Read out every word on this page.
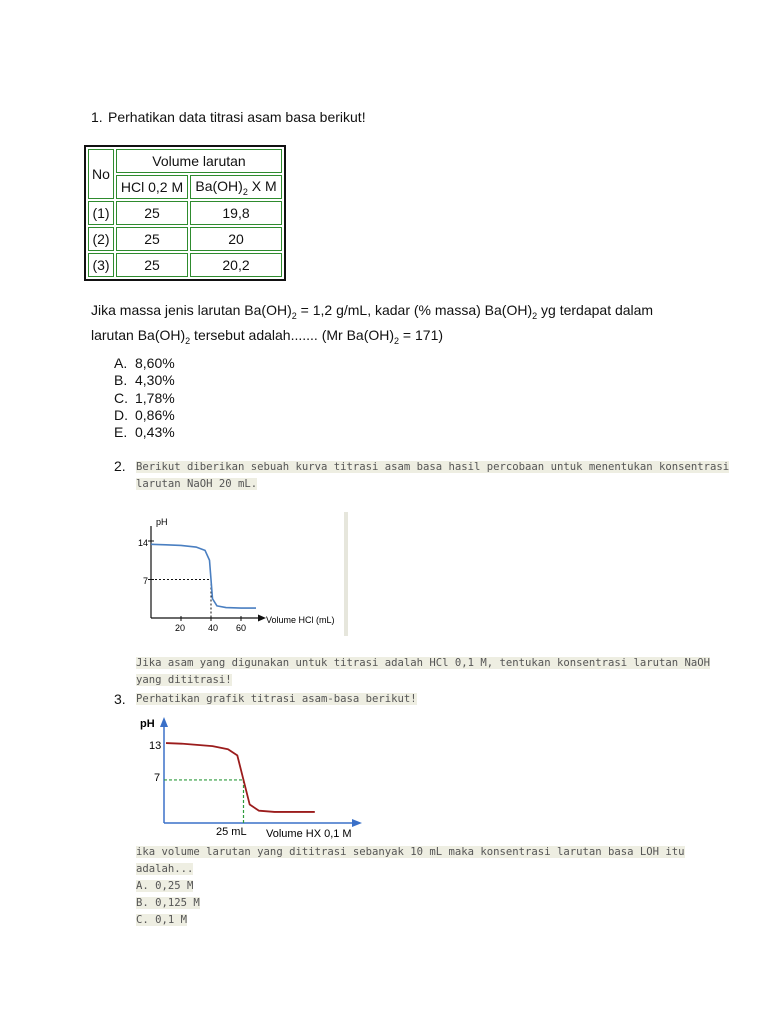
1. Perhatikan data titrasi asam basa berikut!
No	Volume larutan	
	HCl 0,2 M	$Ba(OH)_2$ X M
(1)	25	19,8
(2)	25	20
(3)	25	20,2
Jika massa jenis larutan $Ba(OH)_2 = 1,2$ g/mL, kadar (% massa) $Ba(OH)_2$ yg terdapat dalam
larutan $Ba(OH)_2$ tersebut adalah....... (Mr $Ba(OH)_2 = 171$)
A. 8,60%
B. 4,30%
C. 1,78%
D. 0,86%
E. 0,43%
2. Berikut diberikan sebuah kurva titrasi asam basa hasil percobaan untuk menentukan konsentrasi
larutan NaOH 20 mL.
pH
Volume HCl (mL)
14
7
20	40 60
Jika asam yang digunakan untuk titrasi adalah HCl 0,1 M, tentukan konsentrasi larutan NaOH
yang dititrasi!
3. Perhatikan grafik titrasi asam-basa berikut!
pH
Volume HX 0,1 M
13
7
25 mL
ika volume larutan yang dititrasi sebanyak 10 mL maka konsentrasi larutan basa LOH itu
adalah...
A. 0,25 M
B. 0,125 M
C. 0,1 M
